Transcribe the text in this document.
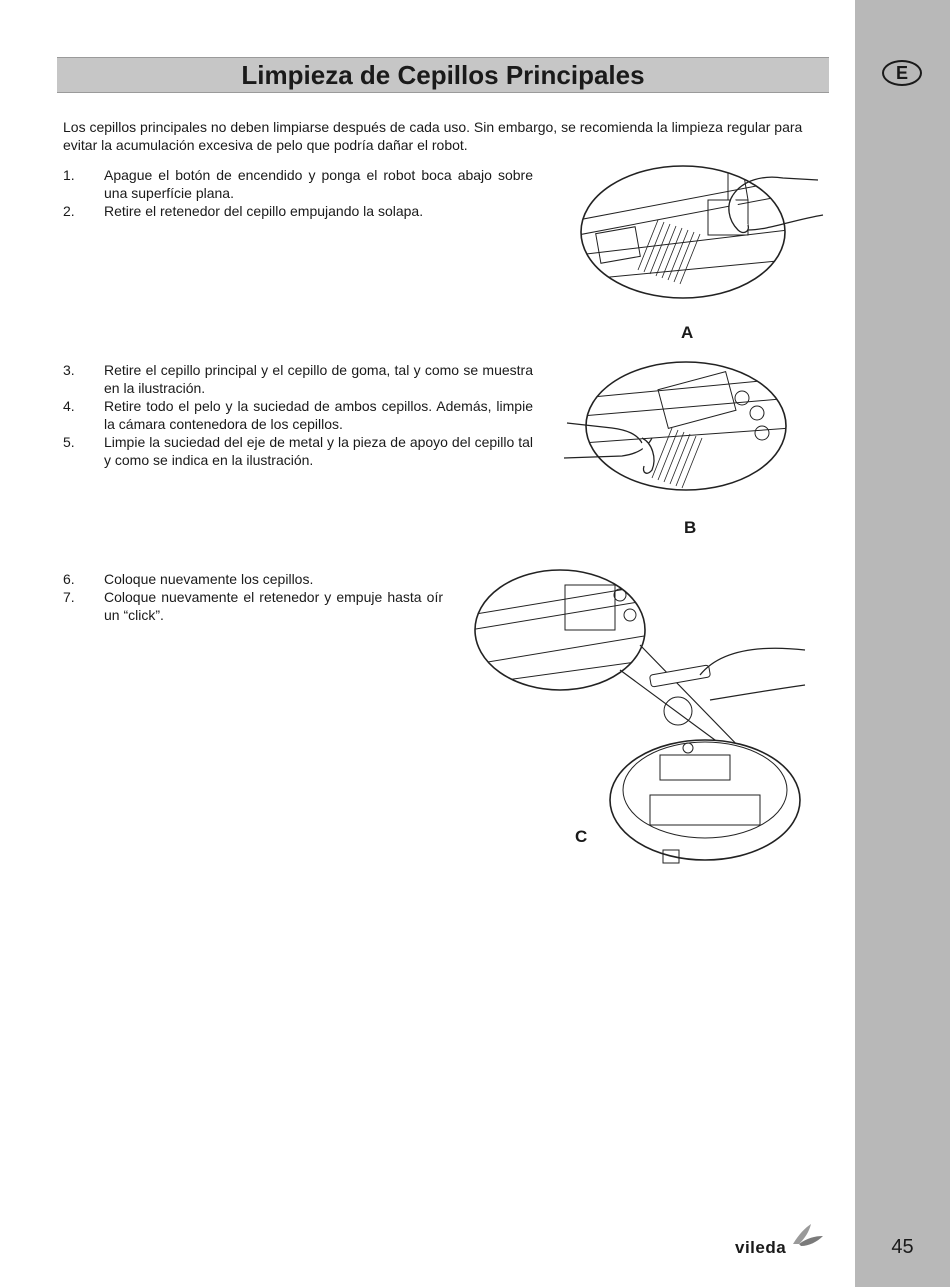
E
Limpieza de Cepillos Principales

Los cepillos principales no deben limpiarse después de cada uso. Sin embargo, se recomienda la limpieza regular para evitar la acumulación excesiva de pelo que podría dañar el robot.

1.	Apague el botón de encendido y ponga el robot boca abajo sobre una superfície plana.
2.	Retire el retenedor del cepillo empujando la solapa.
3.	Retire el cepillo principal y el cepillo de goma, tal y como se muestra en la ilustración.
4.	Retire todo el pelo y la suciedad de ambos cepillos. Además, limpie la cámara contenedora de los cepillos.
5.	Limpie la suciedad del eje de metal y la pieza de apoyo del cepillo tal y como se indica en la ilustración.
6.	Coloque nuevamente los cepillos.
7.	Coloque nuevamente el retenedor y empuje hasta oír un “click”.
A
B
C
vileda	45
